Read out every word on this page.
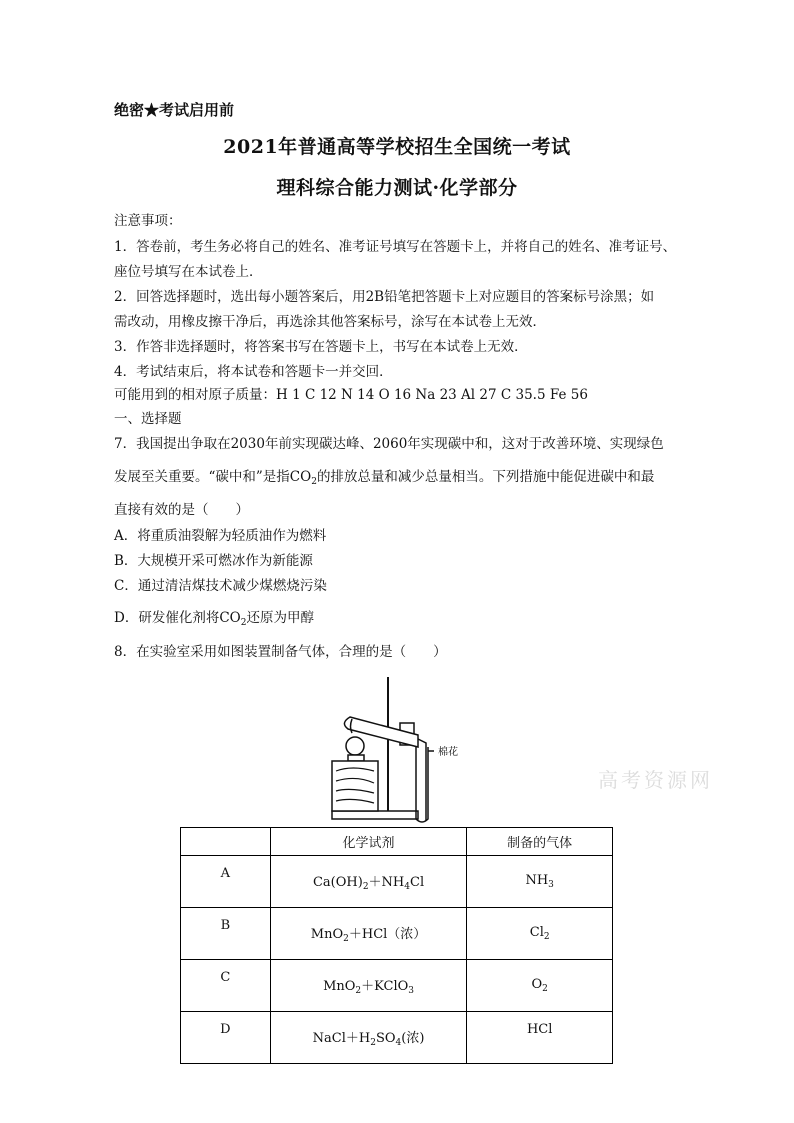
绝密★考试启用前
2021年普通高等学校招生全国统一考试
理科综合能力测试·化学部分
注意事项：
1．答卷前，考生务必将自己的姓名、准考证号填写在答题卡上，并将自己的姓名、准考证号、
座位号填写在本试卷上．
2．回答选择题时，选出每小题答案后，用2B铅笔把答题卡上对应题目的答案标号涂黑；如
需改动，用橡皮擦干净后，再选涂其他答案标号，涂写在本试卷上无效．
3．作答非选择题时，将答案书写在答题卡上，书写在本试卷上无效．
4．考试结束后，将本试卷和答题卡一并交回．
可能用到的相对原子质量：H 1 C 12 N 14 O 16 Na 23 Al 27 C 35.5 Fe 56
一、选择题
7．我国提出争取在2030年前实现碳达峰、2060年实现碳中和，这对于改善环境、实现绿色
发展至关重要。“碳中和”是指$CO_2$的排放总量和减少总量相当。下列措施中能促进碳中和最
直接有效的是（　　）
A．将重质油裂解为轻质油作为燃料
B．大规模开采可燃冰作为新能源
C．通过清洁煤技术减少煤燃烧污染
D．研发催化剂将$CO_2$还原为甲醇
8．在实验室采用如图装置制备气体，合理的是（　　）
棉花
高考资源网
	化学试剂	制备的气体
A	$Ca(OH)_2+NH_4Cl$	$NH_3$
B	MnO$_2$＋HCl（浓）	$Cl_2$
C	MnO$_2$＋KClO$_3$	$O_2$
D	$NaCl+H_2SO_4$(浓)	HCl
